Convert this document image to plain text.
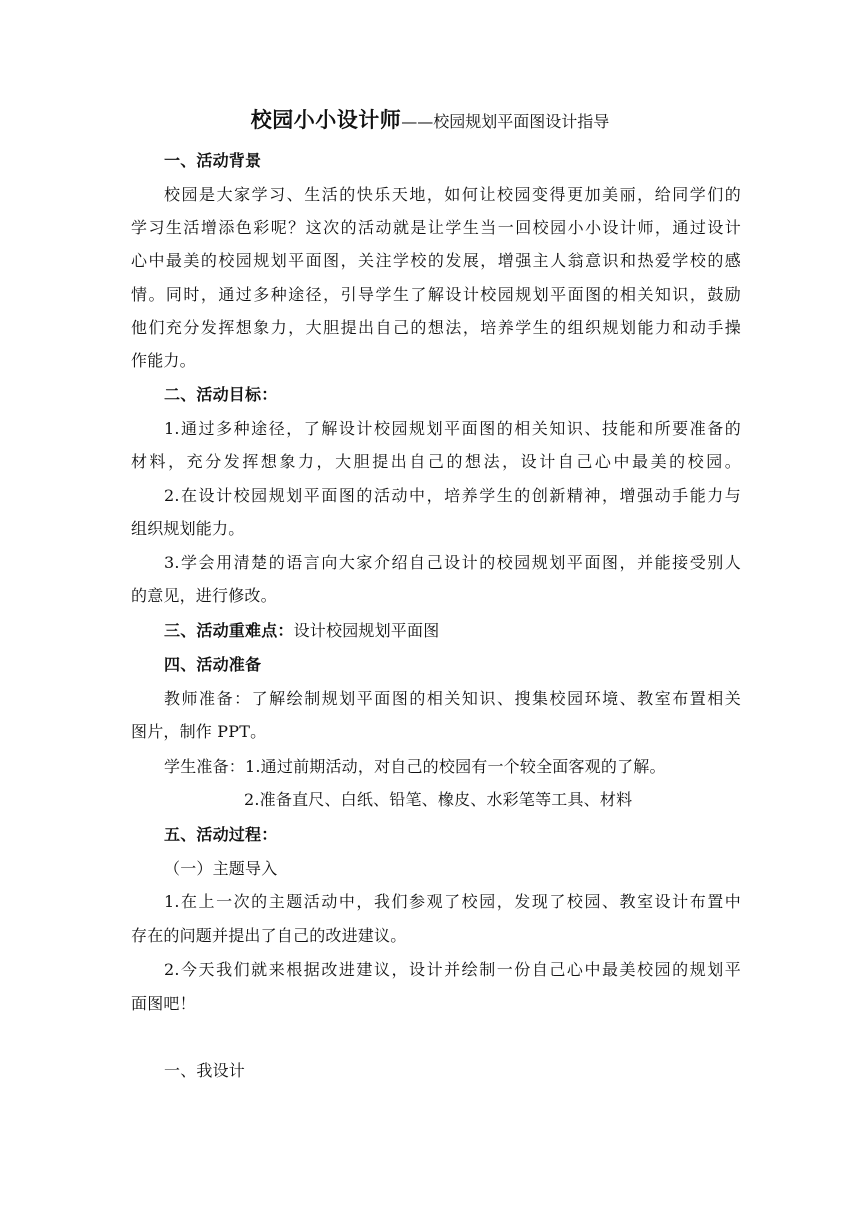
校园小小设计师——校园规划平面图设计指导
一、活动背景
校园是大家学习、生活的快乐天地，如何让校园变得更加美丽，给同学们的
学习生活增添色彩呢？这次的活动就是让学生当一回校园小小设计师，通过设计
心中最美的校园规划平面图，关注学校的发展，增强主人翁意识和热爱学校的感
情。同时，通过多种途径，引导学生了解设计校园规划平面图的相关知识，鼓励
他们充分发挥想象力，大胆提出自己的想法，培养学生的组织规划能力和动手操
作能力。
二、活动目标：
1.通过多种途径，了解设计校园规划平面图的相关知识、技能和所要准备的
材料，充分发挥想象力，大胆提出自己的想法，设计自己心中最美的校园。
2.在设计校园规划平面图的活动中，培养学生的创新精神，增强动手能力与
组织规划能力。
3.学会用清楚的语言向大家介绍自己设计的校园规划平面图，并能接受别人
的意见，进行修改。
三、活动重难点：设计校园规划平面图
四、活动准备
教师准备：了解绘制规划平面图的相关知识、搜集校园环境、教室布置相关
图片，制作 PPT。
学生准备：1.通过前期活动，对自己的校园有一个较全面客观的了解。
2.准备直尺、白纸、铅笔、橡皮、水彩笔等工具、材料
五、活动过程：
（一）主题导入
1.在上一次的主题活动中，我们参观了校园，发现了校园、教室设计布置中
存在的问题并提出了自己的改进建议。
2.今天我们就来根据改进建议，设计并绘制一份自己心中最美校园的规划平
面图吧！
一、我设计
